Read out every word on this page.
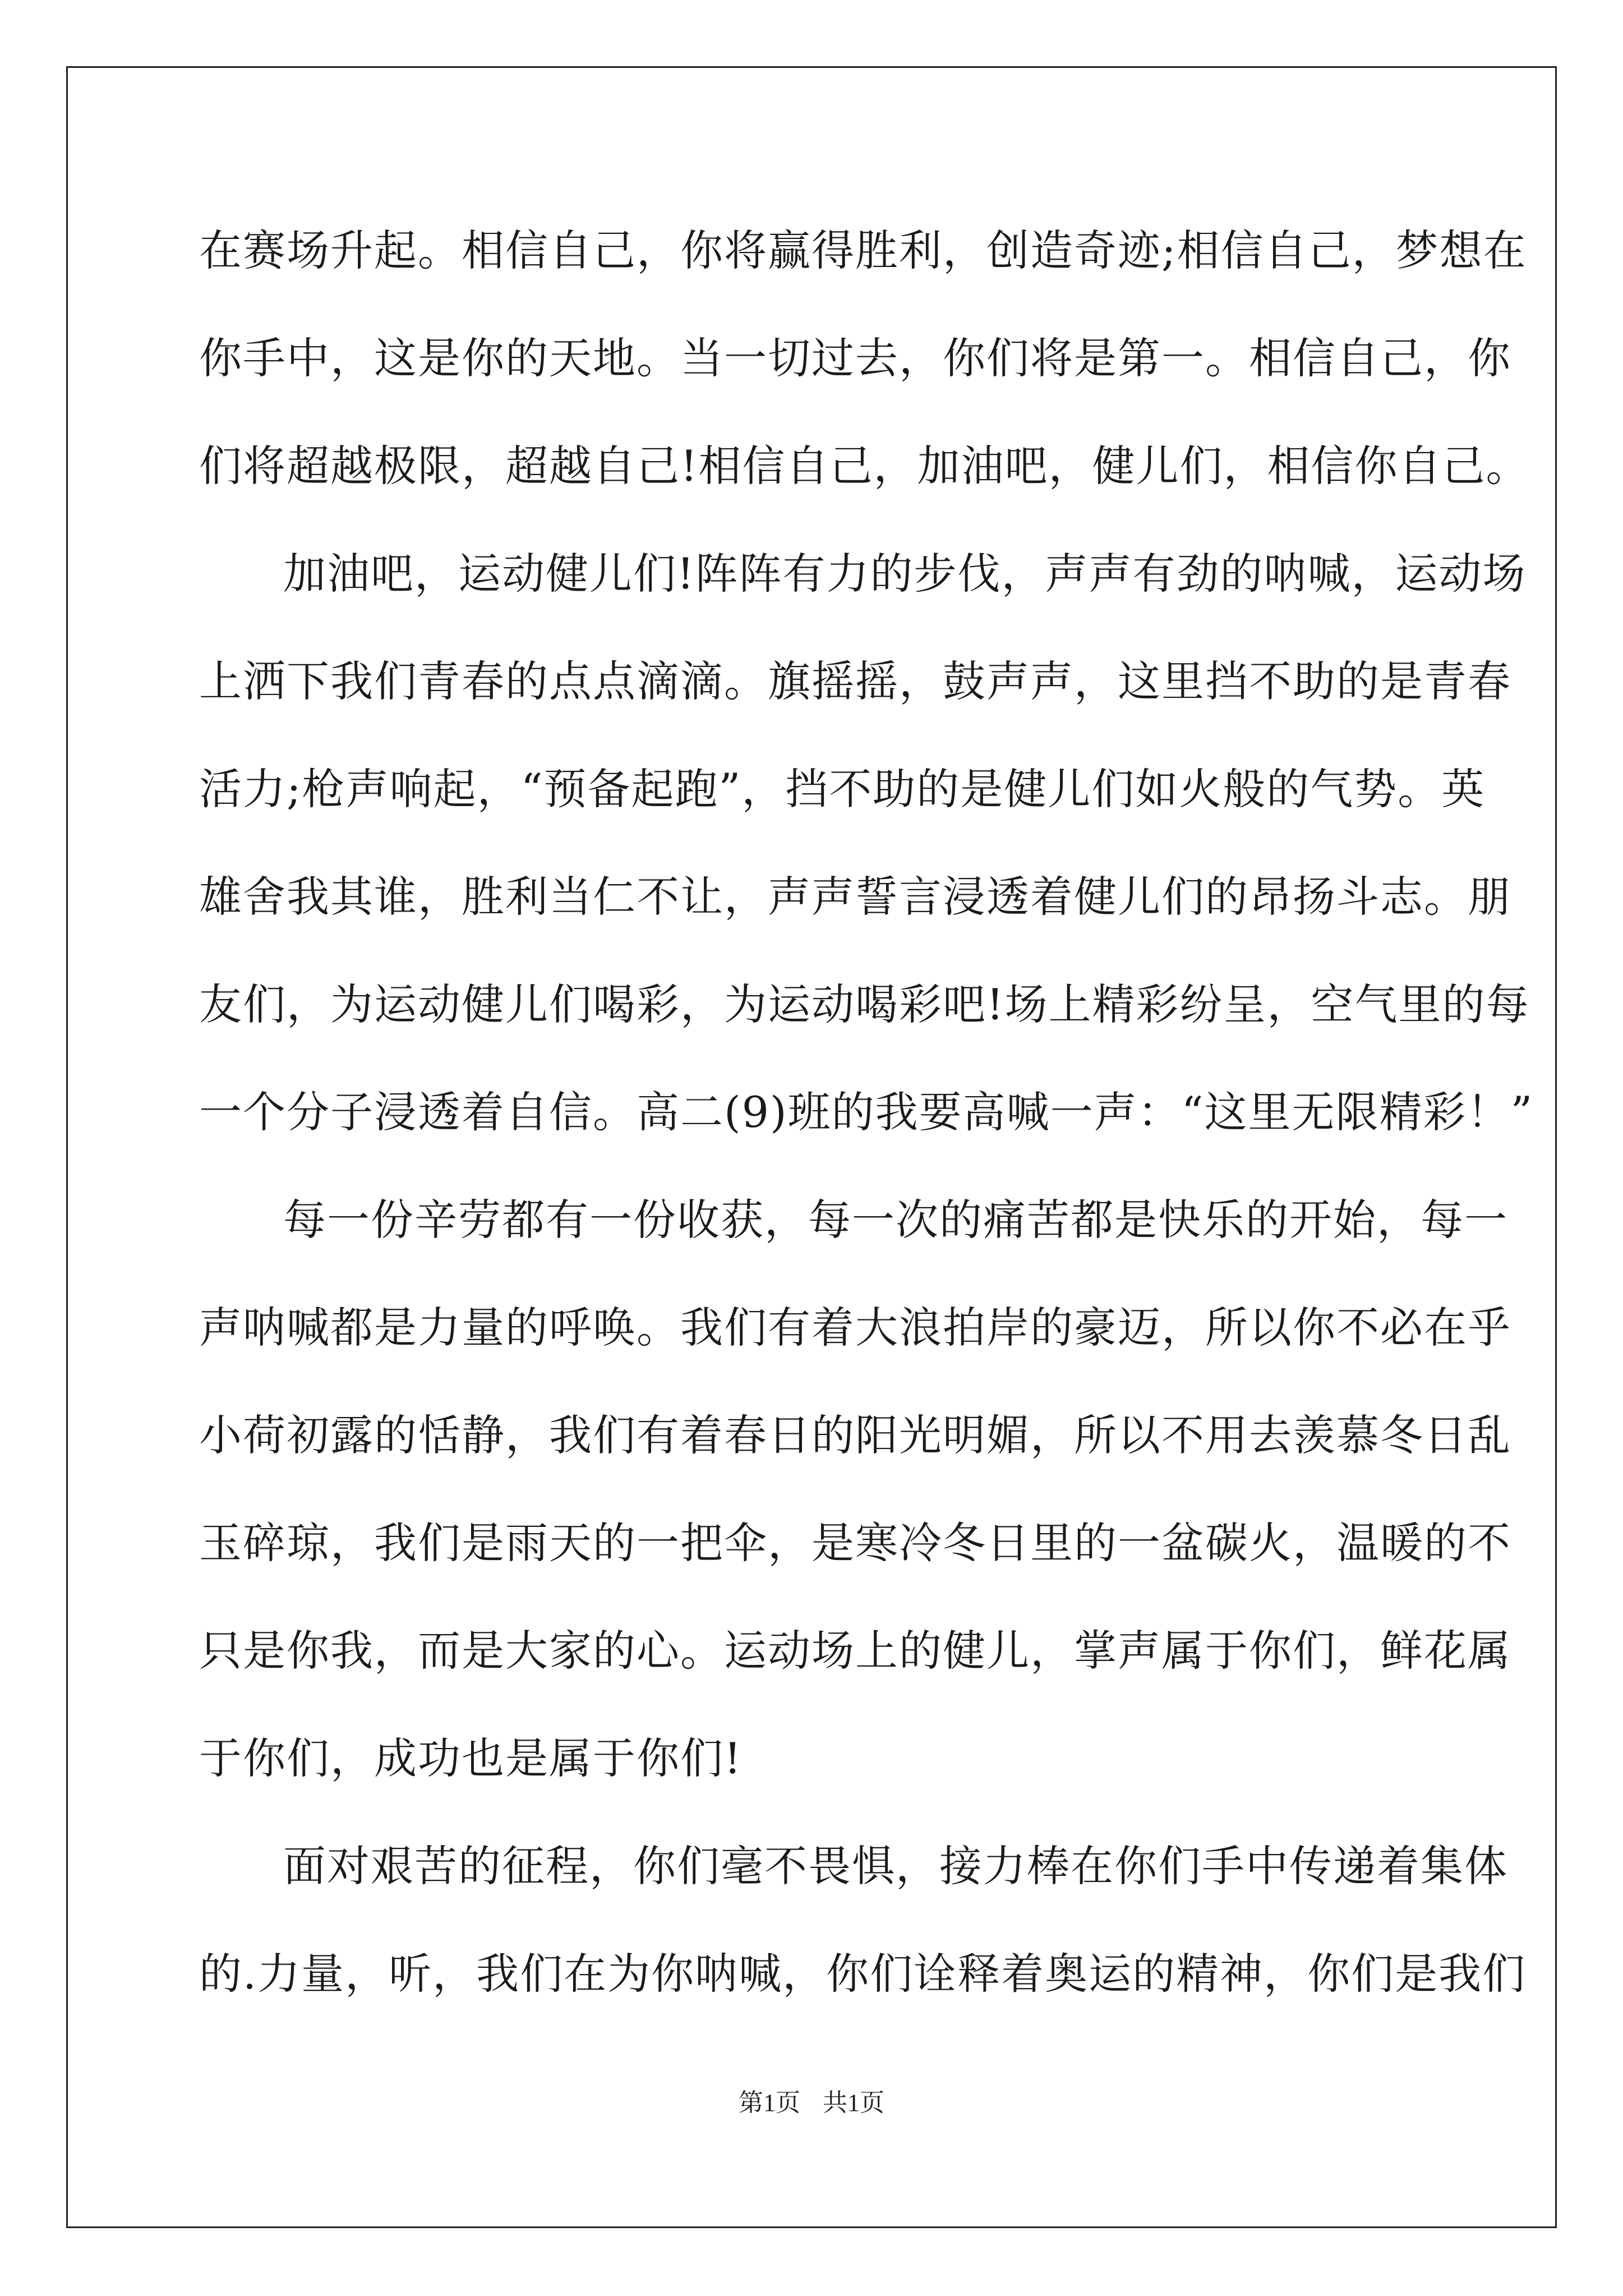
在赛场升起。相信自己，你将赢得胜利，创造奇迹;相信自己，梦想在
你手中，这是你的天地。当一切过去，你们将是第一。相信自己，你
们将超越极限，超越自己!相信自己，加油吧，健儿们，相信你自己。
加油吧，运动健儿们!阵阵有力的步伐，声声有劲的呐喊，运动场
上洒下我们青春的点点滴滴。旗摇摇，鼓声声，这里挡不助的是青春
活力;枪声响起，“预备起跑”，挡不助的是健儿们如火般的气势。英
雄舍我其谁，胜利当仁不让，声声誓言浸透着健儿们的昂扬斗志。朋
友们，为运动健儿们喝彩，为运动喝彩吧!场上精彩纷呈，空气里的每
一个分子浸透着自信。高二(9)班的我要高喊一声：“这里无限精彩！”
每一份辛劳都有一份收获，每一次的痛苦都是快乐的开始，每一
声呐喊都是力量的呼唤。我们有着大浪拍岸的豪迈，所以你不必在乎
小荷初露的恬静，我们有着春日的阳光明媚，所以不用去羡慕冬日乱
玉碎琼，我们是雨天的一把伞，是寒冷冬日里的一盆碳火，温暖的不
只是你我，而是大家的心。运动场上的健儿，掌声属于你们，鲜花属
于你们，成功也是属于你们!
面对艰苦的征程，你们毫不畏惧，接力棒在你们手中传递着集体
的.力量，听，我们在为你呐喊，你们诠释着奥运的精神，你们是我们
第1页 共1页
